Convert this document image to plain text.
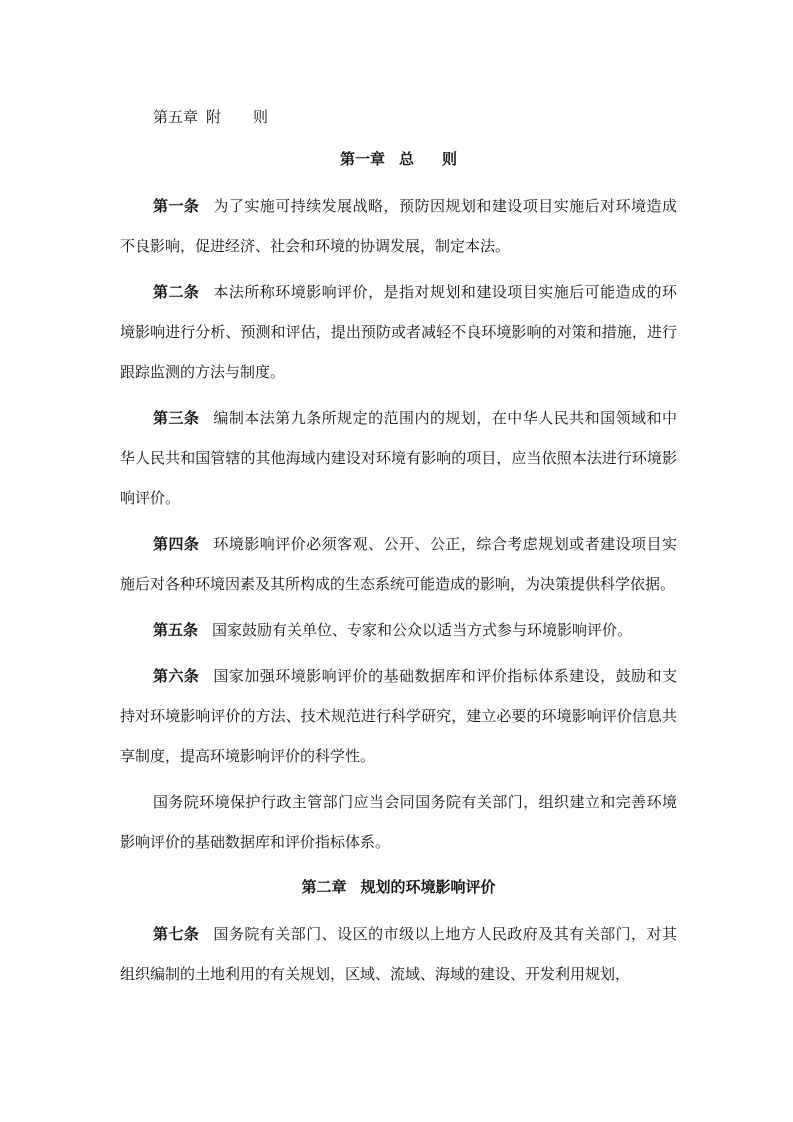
第五章 附 则
第一章 总 则

第一条 为了实施可持续发展战略，预防因规划和建设项目实施后对环境造成不良影响，促进经济、社会和环境的协调发展，制定本法。

第二条 本法所称环境影响评价，是指对规划和建设项目实施后可能造成的环境影响进行分析、预测和评估，提出预防或者减轻不良环境影响的对策和措施，进行跟踪监测的方法与制度。

第三条 编制本法第九条所规定的范围内的规划，在中华人民共和国领域和中华人民共和国管辖的其他海域内建设对环境有影响的项目，应当依照本法进行环境影响评价。

第四条 环境影响评价必须客观、公开、公正，综合考虑规划或者建设项目实施后对各种环境因素及其所构成的生态系统可能造成的影响，为决策提供科学依据。

第五条 国家鼓励有关单位、专家和公众以适当方式参与环境影响评价。

第六条 国家加强环境影响评价的基础数据库和评价指标体系建设，鼓励和支持对环境影响评价的方法、技术规范进行科学研究，建立必要的环境影响评价信息共享制度，提高环境影响评价的科学性。

国务院环境保护行政主管部门应当会同国务院有关部门，组织建立和完善环境影响评价的基础数据库和评价指标体系。

第二章 规划的环境影响评价

第七条 国务院有关部门、设区的市级以上地方人民政府及其有关部门，对其组织编制的土地利用的有关规划，区域、流域、海域的建设、开发利用规划，
